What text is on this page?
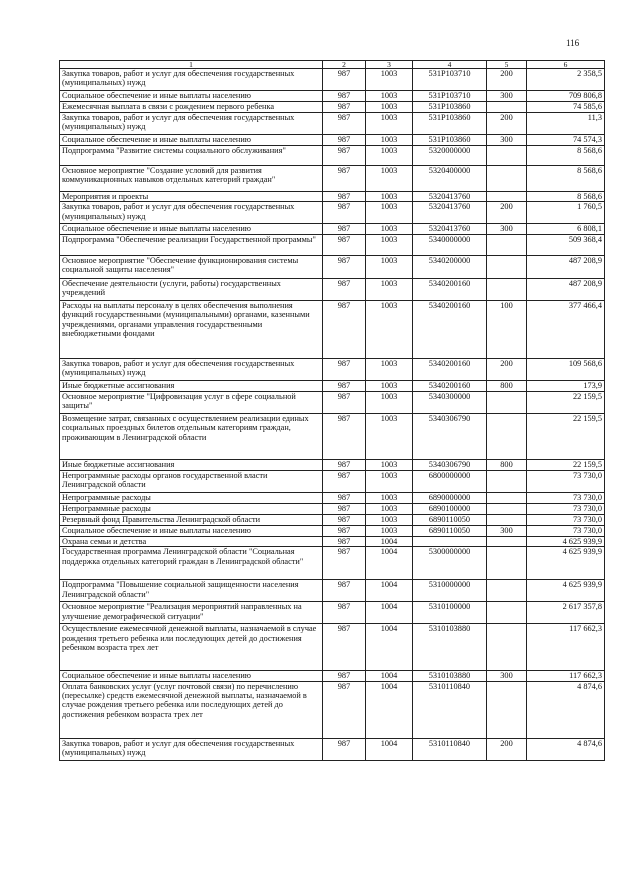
116
1	2	3	4	5	6
Закупка товаров, работ и услуг для обеспечения государственных (муниципальных) нужд	987	1003	531P103710	200	2 358,5
Социальное обеспечение и иные выплаты населению	987	1003	531P103710	300	709 806,8
Ежемесячная выплата в связи с рождением первого ребенка	987	1003	531P103860		74 585,6
Закупка товаров, работ и услуг для обеспечения государственных (муниципальных) нужд	987	1003	531P103860	200	11,3
Социальное обеспечение и иные выплаты населению	987	1003	531P103860	300	74 574,3
Подпрограмма "Развитие системы социального обслуживания"	987	1003	5320000000		8 568,6
Основное мероприятие "Создание условий для развития коммуникационных навыков отдельных категорий граждан"	987	1003	5320400000		8 568,6
Мероприятия и проекты	987	1003	5320413760		8 568,6
Закупка товаров, работ и услуг для обеспечения государственных (муниципальных) нужд	987	1003	5320413760	200	1 760,5
Социальное обеспечение и иные выплаты населению	987	1003	5320413760	300	6 808,1
Подпрограмма "Обеспечение реализации Государственной программы"	987	1003	5340000000		509 368,4
Основное мероприятие "Обеспечение функционирования системы социальной защиты населения"	987	1003	5340200000		487 208,9
Обеспечение деятельности (услуги, работы) государственных учреждений	987	1003	5340200160		487 208,9
Расходы на выплаты персоналу в целях обеспечения выполнения функций государственными (муниципальными) органами, казенными учреждениями, органами управления государственными внебюджетными фондами	987	1003	5340200160	100	377 466,4
Закупка товаров, работ и услуг для обеспечения государственных (муниципальных) нужд	987	1003	5340200160	200	109 568,6
Иные бюджетные ассигнования	987	1003	5340200160	800	173,9
Основное мероприятие "Цифровизация услуг в сфере социальной защиты"	987	1003	5340300000		22 159,5
Возмещение затрат, связанных с осуществлением реализации единых социальных проездных билетов отдельным категориям граждан, проживающим в Ленинградской области	987	1003	5340306790		22 159,5
Иные бюджетные ассигнования	987	1003	5340306790	800	22 159,5
Непрограммные расходы органов государственной власти Ленинградской области	987	1003	6800000000		73 730,0
Непрограммные расходы	987	1003	6890000000		73 730,0
Непрограммные расходы	987	1003	6890100000		73 730,0
Резервный фонд Правительства Ленинградской области	987	1003	6890110050		73 730,0
Социальное обеспечение и иные выплаты населению	987	1003	6890110050	300	73 730,0
Охрана семьи и детства	987	1004			4 625 939,9
Государственная программа Ленинградской области "Социальная поддержка отдельных категорий граждан в Ленинградской области"	987	1004	5300000000		4 625 939,9
Подпрограмма "Повышение социальной защищенности населения Ленинградской области"	987	1004	5310000000		4 625 939,9
Основное мероприятие "Реализация мероприятий направленных на улучшение демографической ситуации"	987	1004	5310100000		2 617 357,8
Осуществление ежемесячной денежной выплаты, назначаемой в случае рождения третьего ребенка или последующих детей до достижения ребенком возраста трех лет	987	1004	5310103880		117 662,3
Социальное обеспечение и иные выплаты населению	987	1004	5310103880	300	117 662,3
Оплата банковских услуг (услуг почтовой связи) по перечислению (пересылке) средств ежемесячной денежной выплаты, назначаемой в случае рождения третьего ребенка или последующих детей до достижения ребенком возраста трех лет	987	1004	5310110840		4 874,6
Закупка товаров, работ и услуг для обеспечения государственных (муниципальных) нужд	987	1004	5310110840	200	4 874,6
